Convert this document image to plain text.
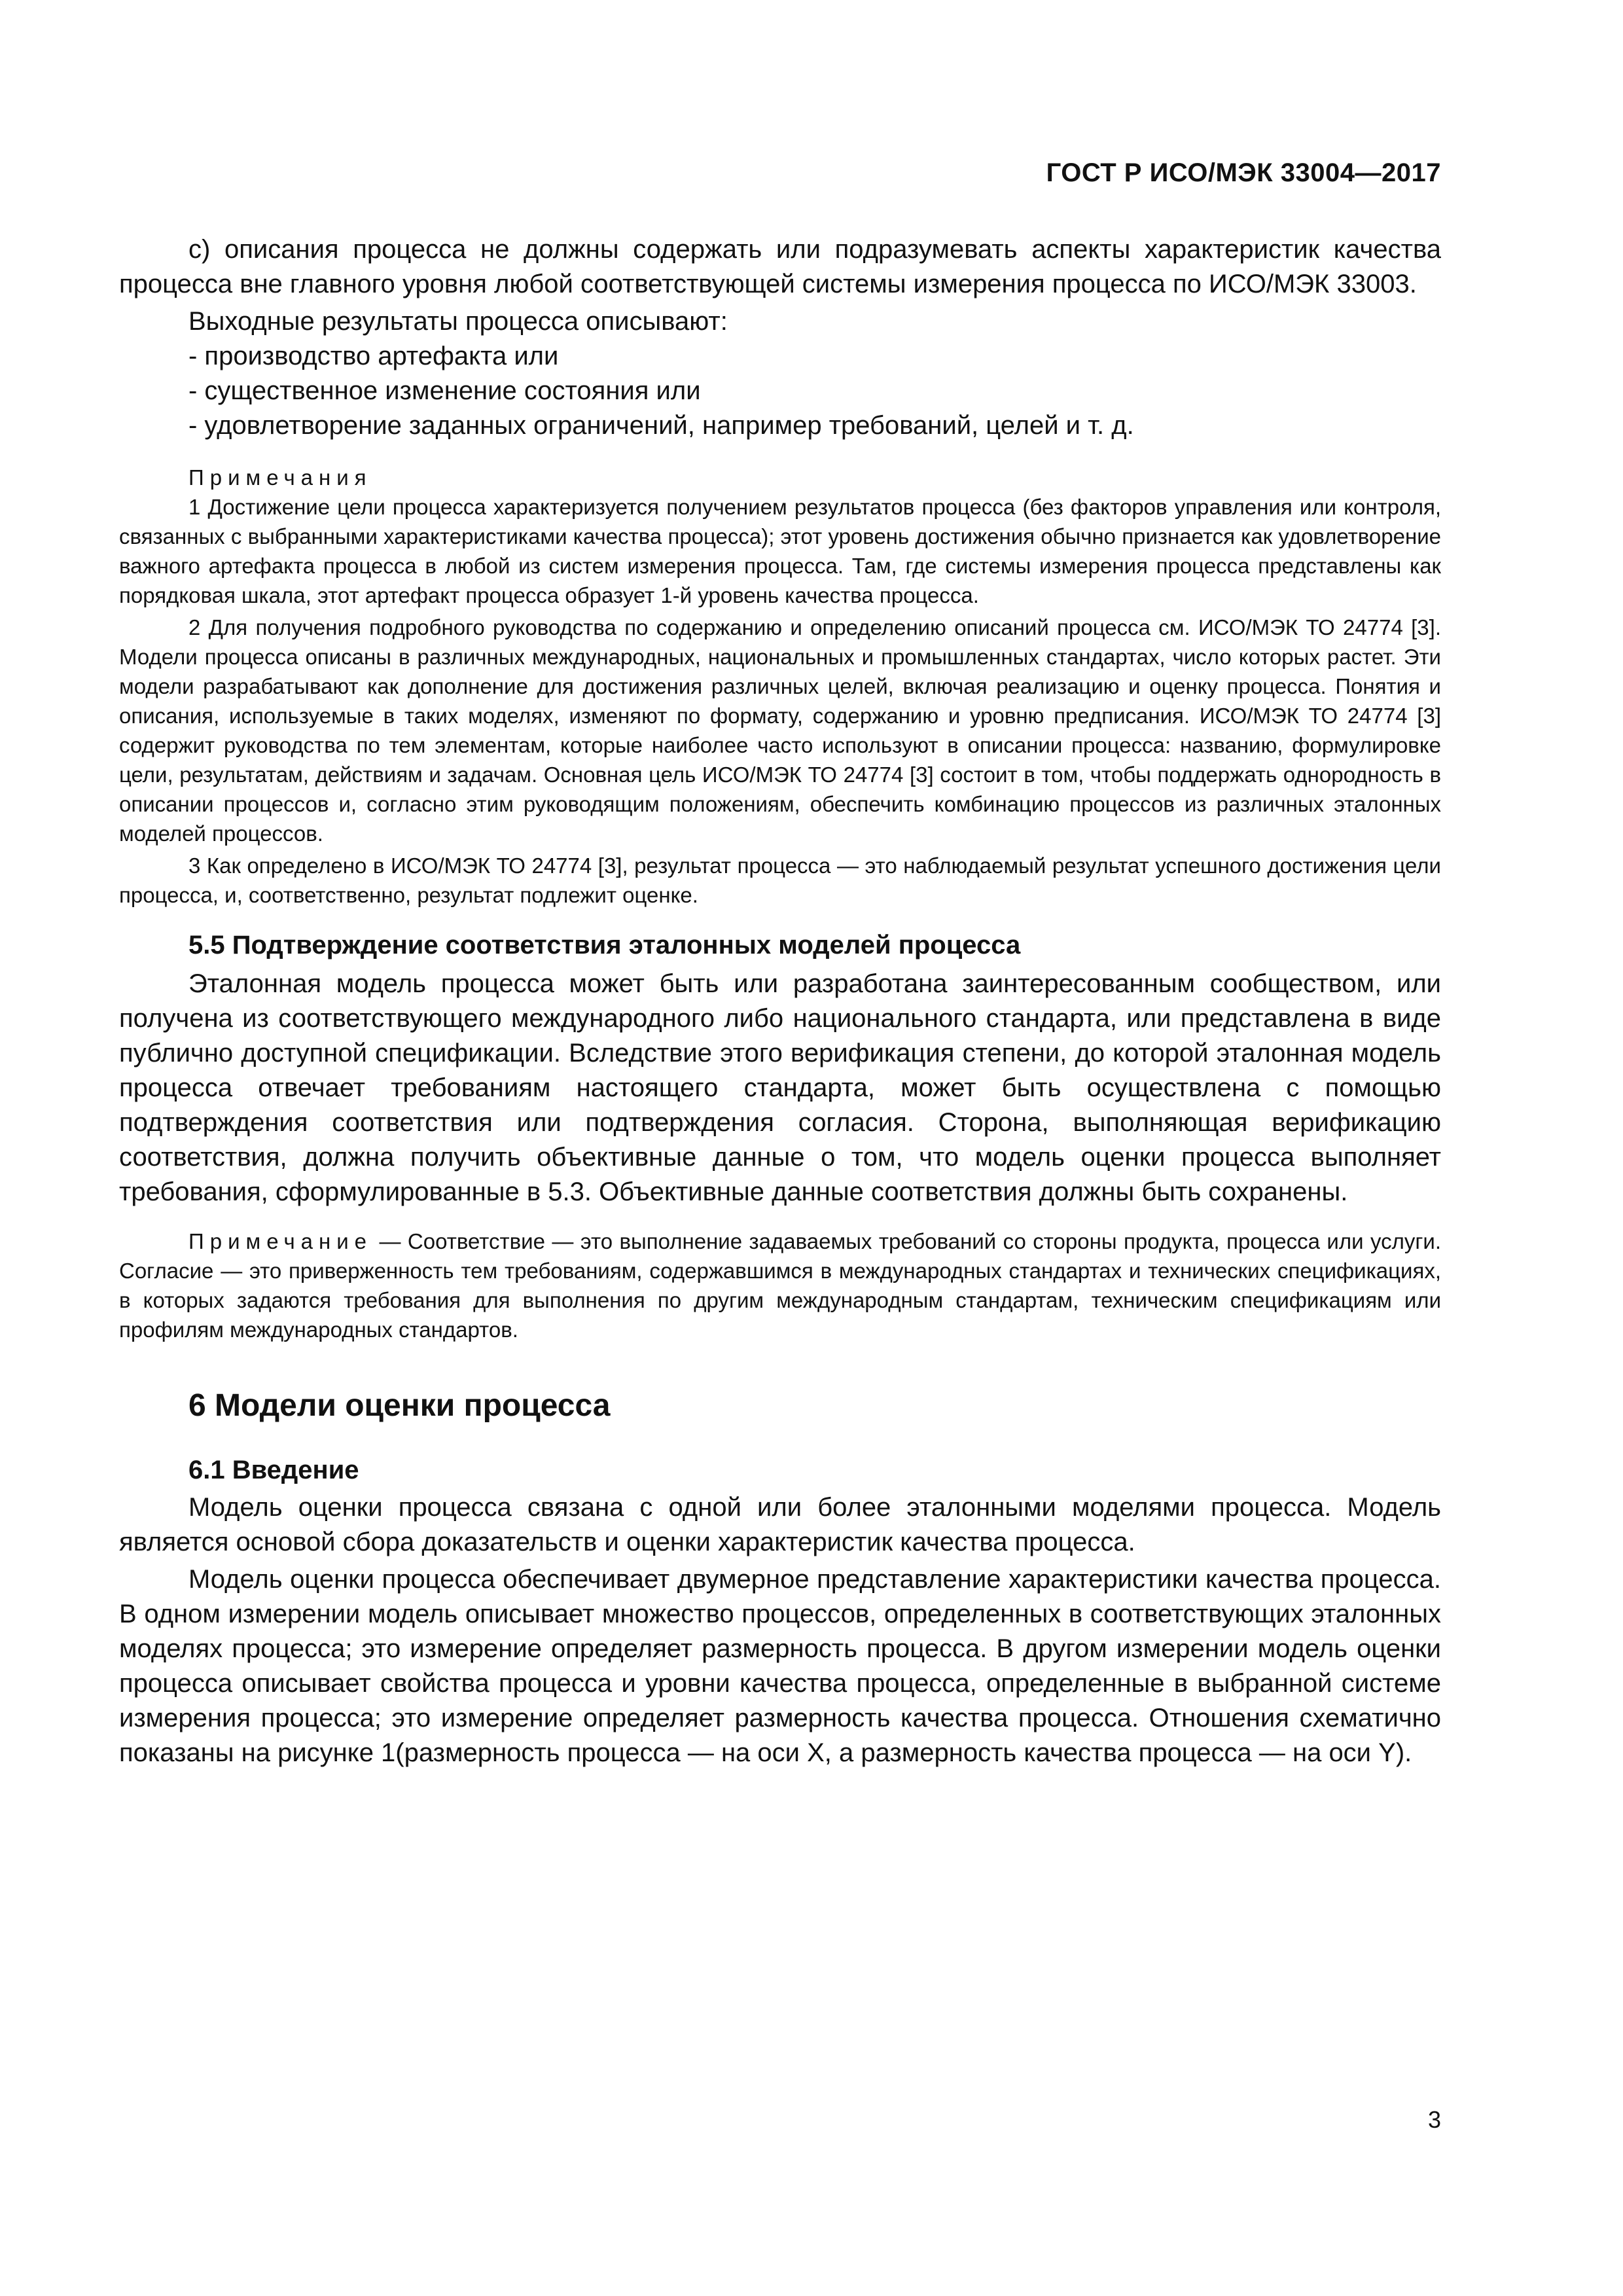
ГОСТ Р ИСО/МЭК 33004—2017

с) описания процесса не должны содержать или подразумевать аспекты характеристик качества процесса вне главного уровня любой соответствующей системы измерения процесса по ИСО/МЭК 33003.

Выходные результаты процесса описывают:

- производство артефакта или

- существенное изменение состояния или

- удовлетворение заданных ограничений, например требований, целей и т. д.

Примечания

1 Достижение цели процесса характеризуется получением результатов процесса (без факторов управления или контроля, связанных с выбранными характеристиками качества процесса); этот уровень достижения обычно признается как удовлетворение важного артефакта процесса в любой из систем измерения процесса. Там, где системы измерения процесса представлены как порядковая шкала, этот артефакт процесса образует 1-й уровень качества процесса.

2 Для получения подробного руководства по содержанию и определению описаний процесса см. ИСО/МЭК ТО 24774 [3]. Модели процесса описаны в различных международных, национальных и промышленных стандартах, число которых растет. Эти модели разрабатывают как дополнение для достижения различных целей, включая реализацию и оценку процесса. Понятия и описания, используемые в таких моделях, изменяют по формату, содержанию и уровню предписания. ИСО/МЭК ТО 24774 [3] содержит руководства по тем элементам, которые наиболее часто используют в описании процесса: названию, формулировке цели, результатам, действиям и задачам. Основная цель ИСО/МЭК ТО 24774 [3] состоит в том, чтобы поддержать однородность в описании процессов и, согласно этим руководящим положениям, обеспечить комбинацию процессов из различных эталонных моделей процессов.

3 Как определено в ИСО/МЭК ТО 24774 [3], результат процесса — это наблюдаемый результат успешного достижения цели процесса, и, соответственно, результат подлежит оценке.

5.5 Подтверждение соответствия эталонных моделей процесса

Эталонная модель процесса может быть или разработана заинтересованным сообществом, или получена из соответствующего международного либо национального стандарта, или представлена в виде публично доступной спецификации. Вследствие этого верификация степени, до которой эталонная модель процесса отвечает требованиям настоящего стандарта, может быть осуществлена с помощью подтверждения соответствия или подтверждения согласия. Сторона, выполняющая верификацию соответствия, должна получить объективные данные о том, что модель оценки процесса выполняет требования, сформулированные в 5.3. Объективные данные соответствия должны быть сохранены.

Примечание — Соответствие — это выполнение задаваемых требований со стороны продукта, процесса или услуги. Согласие — это приверженность тем требованиям, содержавшимся в международных стандартах и технических спецификациях, в которых задаются требования для выполнения по другим международным стандартам, техническим спецификациям или профилям международных стандартов.

6 Модели оценки процесса

6.1 Введение

Модель оценки процесса связана с одной или более эталонными моделями процесса. Модель является основой сбора доказательств и оценки характеристик качества процесса.

Модель оценки процесса обеспечивает двумерное представление характеристики качества процесса. В одном измерении модель описывает множество процессов, определенных в соответствующих эталонных моделях процесса; это измерение определяет размерность процесса. В другом измерении модель оценки процесса описывает свойства процесса и уровни качества процесса, определенные в выбранной системе измерения процесса; это измерение определяет размерность качества процесса. Отношения схематично показаны на рисунке 1(размерность процесса — на оси X, а размерность качества процесса — на оси Y).

3
